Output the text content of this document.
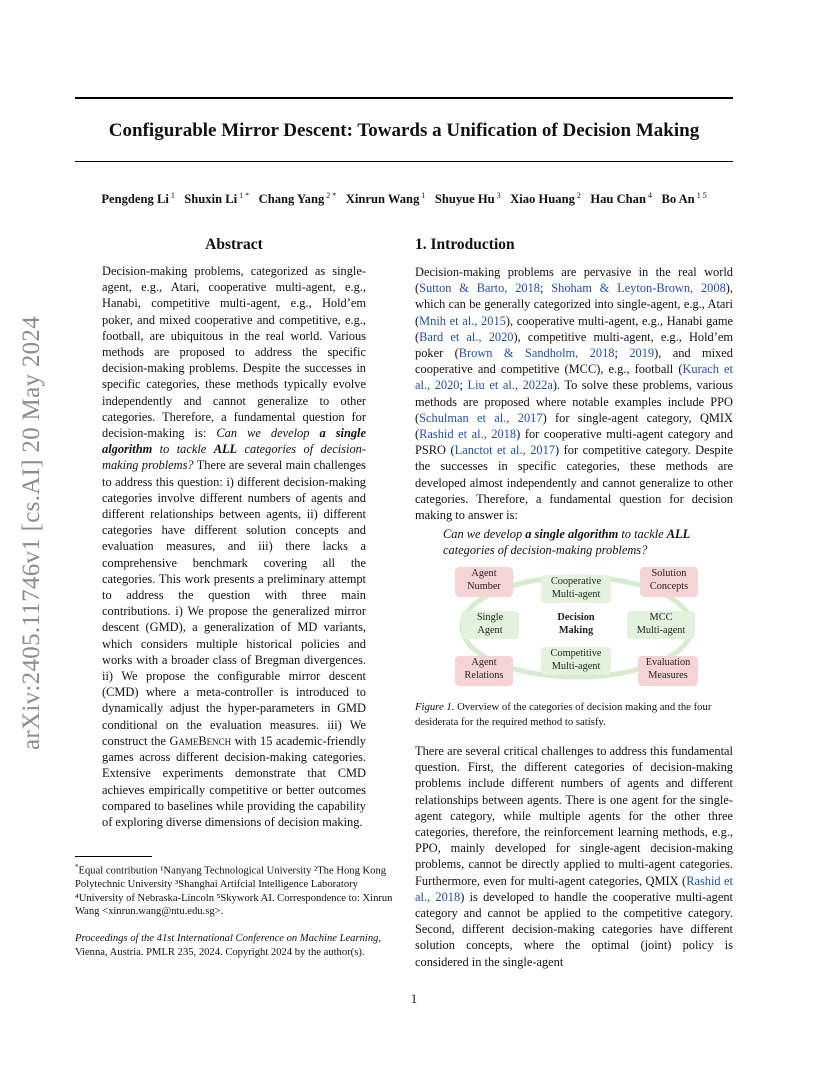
arXiv:2405.11746v1 [cs.AI] 20 May 2024
Configurable Mirror Descent: Towards a Unification of Decision Making
Pengdeng Li $^1$  Shuxin Li $^{1 *}$  Chang Yang $^{2 *}$  Xinrun Wang $^1$  Shuyue Hu $^3$  Xiao Huang $^2$  Hau Chan $^4$  Bo An $^{1 5}$
Abstract
Decision-making problems, categorized as single-agent, e.g., Atari, cooperative multi-agent, e.g., Hanabi, competitive multi-agent, e.g., Hold’em poker, and mixed cooperative and competitive, e.g., football, are ubiquitous in the real world. Various methods are proposed to address the specific decision-making problems. Despite the successes in specific categories, these methods typically evolve independently and cannot generalize to other categories. Therefore, a fundamental question for decision-making is: Can we develop a single algorithm to tackle ALL categories of decision-making problems? There are several main challenges to address this question: i) different decision-making categories involve different numbers of agents and different relationships between agents, ii) different categories have different solution concepts and evaluation measures, and iii) there lacks a comprehensive benchmark covering all the categories. This work presents a preliminary attempt to address the question with three main contributions. i) We propose the generalized mirror descent (GMD), a generalization of MD variants, which considers multiple historical policies and works with a broader class of Bregman divergences. ii) We propose the configurable mirror descent (CMD) where a meta-controller is introduced to dynamically adjust the hyper-parameters in GMD conditional on the evaluation measures. iii) We construct the GameBench with 15 academic-friendly games across different decision-making categories. Extensive experiments demonstrate that CMD achieves empirically competitive or better outcomes compared to baselines while providing the capability of exploring diverse dimensions of decision making.
*Equal contribution ¹Nanyang Technological University ²The Hong Kong Polytechnic University ³Shanghai Artifcial Intelligence Laboratory ⁴University of Nebraska-Lincoln ⁵Skywork AI. Correspondence to: Xinrun Wang <xinrun.wang@ntu.edu.sg>.
Proceedings of the 41st International Conference on Machine Learning, Vienna, Austria. PMLR 235, 2024. Copyright 2024 by the author(s).
1. Introduction
Decision-making problems are pervasive in the real world (Sutton & Barto, 2018; Shoham & Leyton-Brown, 2008), which can be generally categorized into single-agent, e.g., Atari (Mnih et al., 2015), cooperative multi-agent, e.g., Hanabi game (Bard et al., 2020), competitive multi-agent, e.g., Hold’em poker (Brown & Sandholm, 2018; 2019), and mixed cooperative and competitive (MCC), e.g., football (Kurach et al., 2020; Liu et al., 2022a). To solve these problems, various methods are proposed where notable examples include PPO (Schulman et al., 2017) for single-agent category, QMIX (Rashid et al., 2018) for cooperative multi-agent category and PSRO (Lanctot et al., 2017) for competitive category. Despite the successes in specific categories, these methods are developed almost independently and cannot generalize to other categories. Therefore, a fundamental question for decision making to answer is:
Can we develop a single algorithm to tackle ALL
categories of decision-making problems?
Agent
Number
Solution
Concepts
Agent
Relations
Evaluation
Measures
Cooperative
Multi-agent
Competitive
Multi-agent
Single
Agent
MCC
Multi-agent
Decision
Making
Figure 1. Overview of the categories of decision making and the four desiderata for the required method to satisfy.
There are several critical challenges to address this fundamental question. First, the different categories of decision-making problems include different numbers of agents and different relationships between agents. There is one agent for the single-agent category, while multiple agents for the other three categories, therefore, the reinforcement learning methods, e.g., PPO, mainly developed for single-agent decision-making problems, cannot be directly applied to multi-agent categories. Furthermore, even for multi-agent categories, QMIX (Rashid et al., 2018) is developed to handle the cooperative multi-agent category and cannot be applied to the competitive category. Second, different decision-making categories have different solution concepts, where the optimal (joint) policy is considered in the single-agent
1
